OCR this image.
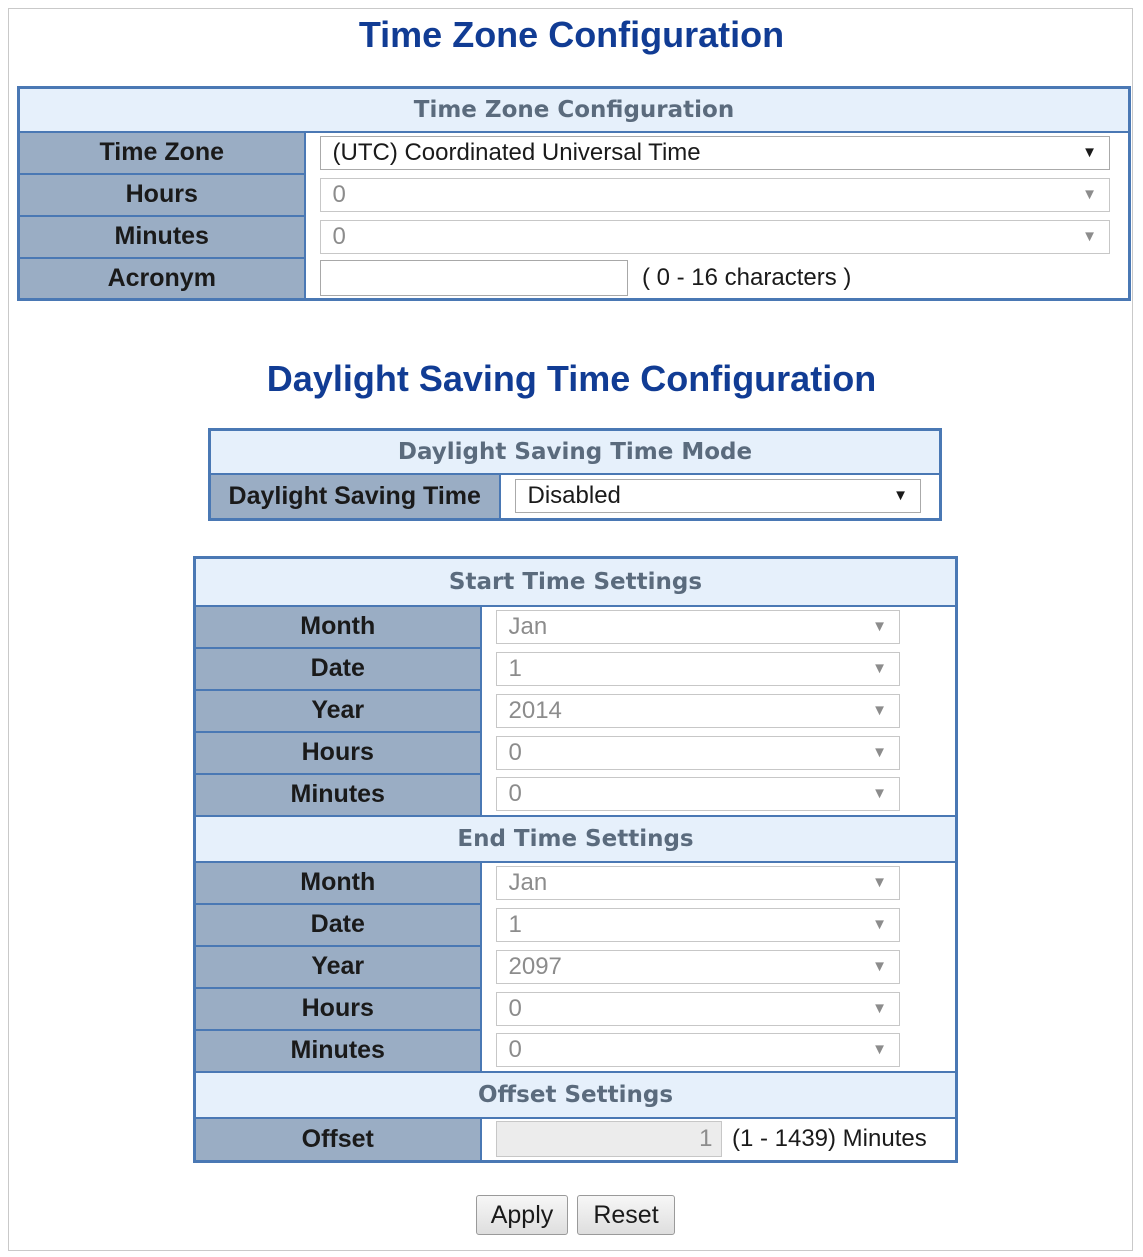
Time Zone Configuration
Time Zone Configuration	
Time Zone	(UTC) Coordinated Universal Time ▼

Hours	0 ▼

Minutes	0 ▼

Acronym	( 0 - 16 characters )
Daylight Saving Time Configuration
Daylight Saving Time Mode
Daylight Saving Time	Disabled	▼
Start Time Settings	
Month	Jan ▼

Date	1 ▼

Year	2014 ▼

Hours	0 ▼

Minutes	0 ▼

End Time Settings	
Month	Jan ▼

Date	1 ▼

Year	2097 ▼

Hours	0 ▼

Minutes	0 ▼

Offset Settings	
Offset	1 (1 - 1439) Minutes
Apply	Reset
